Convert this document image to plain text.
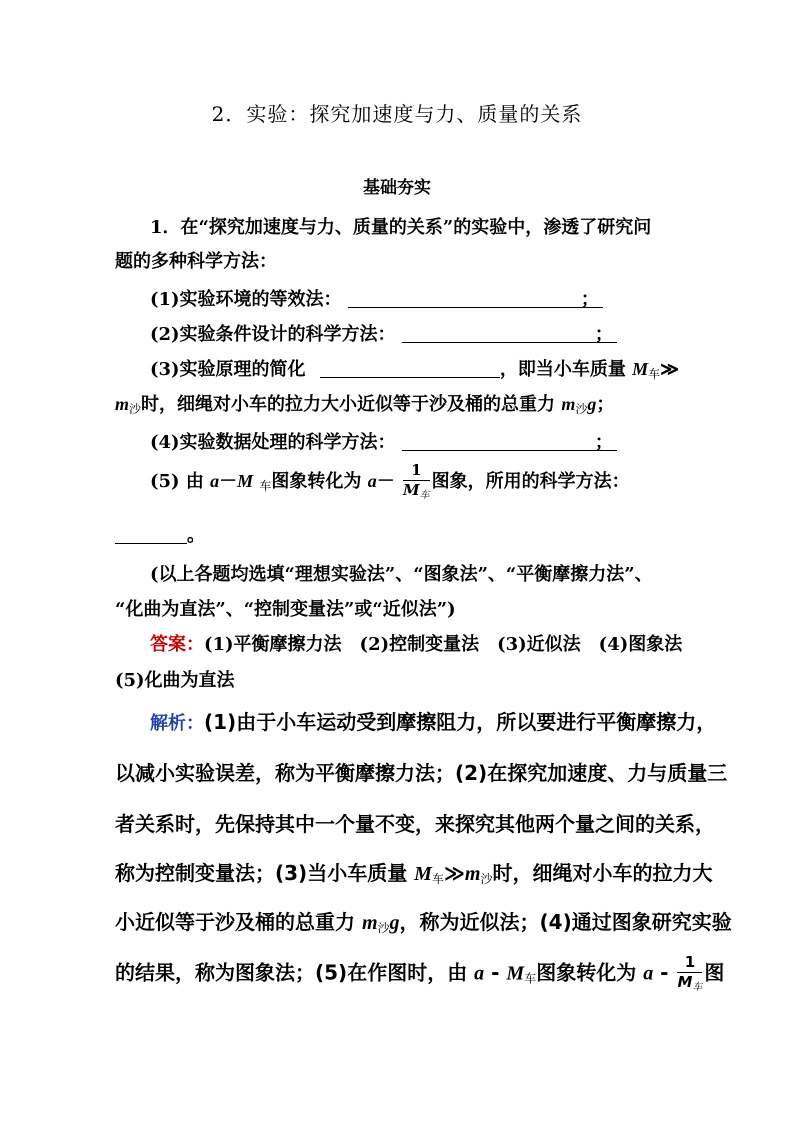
2．实验：探究加速度与力、质量的关系
基础夯实
1．在“探究加速度与力、质量的关系”的实验中，渗透了研究问
题的多种科学方法：
(1)实验环境的等效法：	；
(2)实验条件设计的科学方法：	；
(3)实验原理的简化	，即当小车质量 $M_车≫$
$m_沙$时，细绳对小车的拉力大小近似等于沙及桶的总重力 $m_沙g$；
(4)实验数据处理的科学方法：	；
(5) 由 a－M $_车$图象转化为 $a- \frac{1}{M_车}$ 图象，所用的科学方法：
。
(以上各题均选填“理想实验法”、“图象法”、“平衡摩擦力法”、
“化曲为直法”、“控制变量法”或“近似法”)
答案：(1)平衡摩擦力法　(2)控制变量法　(3)近似法　(4)图象法
(5)化曲为直法
解析：(1)由于小车运动受到摩擦阻力，所以要进行平衡摩擦力，
以减小实验误差，称为平衡摩擦力法；(2)在探究加速度、力与质量三
者关系时，先保持其中一个量不变，来探究其他两个量之间的关系，
称为控制变量法；(3)当小车质量 $M_车≫m_沙$时，细绳对小车的拉力大
小近似等于沙及桶的总重力 $m_沙g$，称为近似法；(4)通过图象研究实验
的结果，称为图象法；(5)在作图时，由 a - $M_车$图象转化为 a - $\frac{1}{M_车}$ 图
